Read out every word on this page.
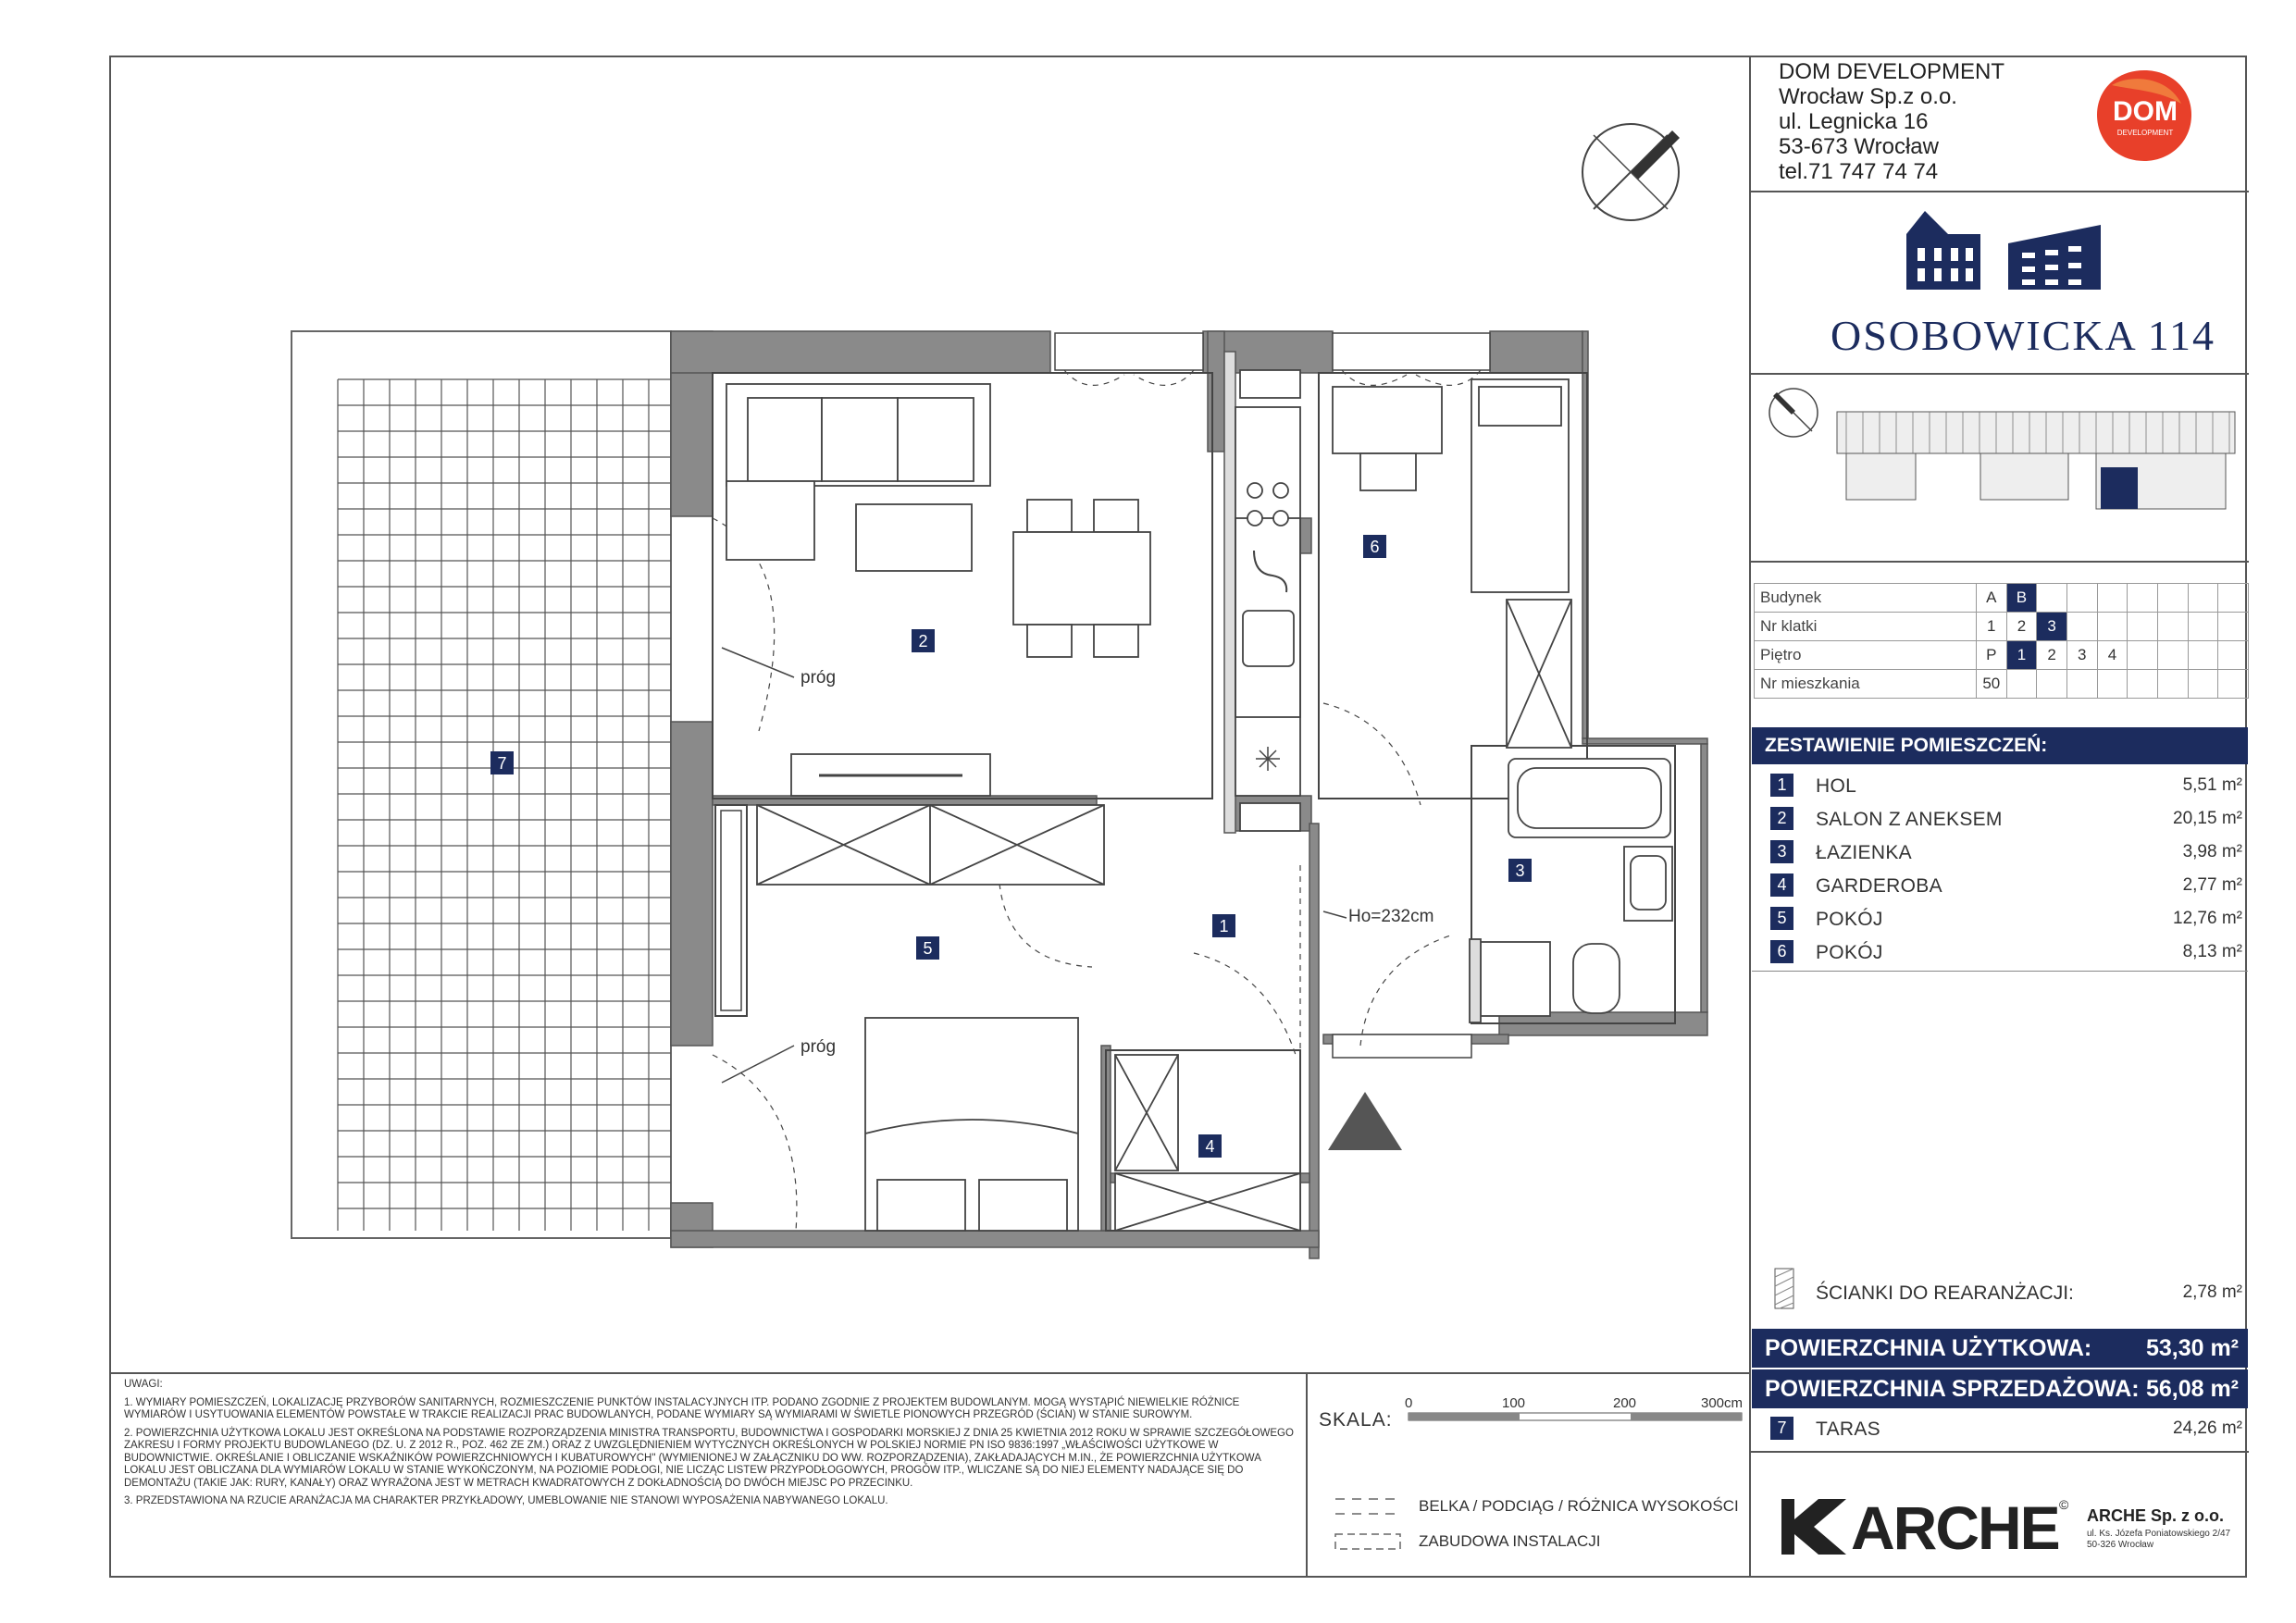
1
2
3
4
5
6
7
próg
próg
Ho=232cm
DOM DEVELOPMENT
Wrocław Sp.z o.o.
ul. Legnicka 16
53-673 Wrocław
tel.71 747 74 74
DOM
DEVELOPMENT
OSOBOWICKA 114
Budynek	A	B							
Nr klatki	1	2	3						
Piętro	P	1	2	3	4				
Nr mieszkania	50								
ZESTAWIENIE POMIESZCZEŃ:
1	HOL	5,51 m²
2	SALON Z ANEKSEM	20,15 m²
3	ŁAZIENKA	3,98 m²
4	GARDEROBA	2,77 m²
5	POKÓJ	12,76 m²
6	POKÓJ	8,13 m²
ŚCIANKI DO REARANŻACJI:	2,78 m²
POWIERZCHNIA UŻYTKOWA: 53,30 m²
POWIERZCHNIA SPRZEDAŻOWA: 56,08 m²
7	TARAS	24,26 m²

UWAGI:

1. WYMIARY POMIESZCZEŃ, LOKALIZACJĘ PRZYBORÓW SANITARNYCH, ROZMIESZCZENIE PUNKTÓW INSTALACYJNYCH ITP. PODANO ZGODNIE Z PROJEKTEM BUDOWLANYM. MOGĄ WYSTĄPIĆ NIEWIELKIE RÓŻNICE WYMIARÓW I USYTUOWANIA ELEMENTÓW POWSTAŁE W TRAKCIE REALIZACJI PRAC BUDOWLANYCH, PODANE WYMIARY SĄ WYMIARAMI W ŚWIETLE PIONOWYCH PRZEGRÓD (ŚCIAN) W STANIE SUROWYM.

2. POWIERZCHNIA UŻYTKOWA LOKALU JEST OKREŚLONA NA PODSTAWIE ROZPORZĄDZENIA MINISTRA TRANSPORTU, BUDOWNICTWA I GOSPODARKI MORSKIEJ Z DNIA 25 KWIETNIA 2012 ROKU W SPRAWIE SZCZEGÓŁOWEGO ZAKRESU I FORMY PROJEKTU BUDOWLANEGO (DZ. U. Z 2012 R., POZ. 462 ZE ZM.) ORAZ Z UWZGLĘDNIENIEM WYTYCZNYCH OKREŚLONYCH W POLSKIEJ NORMIE PN ISO 9836:1997 „WŁAŚCIWOŚCI UŻYTKOWE W BUDOWNICTWIE. OKREŚLANIE I OBLICZANIE WSKAŹNIKÓW POWIERZCHNIOWYCH I KUBATUROWYCH" (WYMIENIONEJ W ZAŁĄCZNIKU DO WW. ROZPORZĄDZENIA), ZAKŁADAJĄCYCH M.IN., ŻE POWIERZCHNIA UŻYTKOWA LOKALU JEST OBLICZANA DLA WYMIARÓW LOKALU W STANIE WYKOŃCZONYM, NA POZIOMIE PODŁOGI, NIE LICZĄC LISTEW PRZYPODŁOGOWYCH, PROGÓW ITP., WLICZANE SĄ DO NIEJ ELEMENTY NADAJĄCE SIĘ DO DEMONTAŻU (TAKIE JAK: RURY, KANAŁY) ORAZ WYRAŻONA JEST W METRACH KWADRATOWYCH Z DOKŁADNOŚCIĄ DO DWÓCH MIEJSC PO PRZECINKU.

3. PRZEDSTAWIONA NA RZUCIE ARANŻACJA MA CHARAKTER PRZYKŁADOWY, UMEBLOWANIE NIE STANOWI WYPOSAŻENIA NABYWANEGO LOKALU.

SKALA:
0	100	200	300cm
BELKA / PODCIĄG / RÓŻNICA WYSOKOŚCI
ZABUDOWA INSTALACJI	ARCHE ©
ARCHE Sp. z o.o.
ul. Ks. Józefa Poniatowskiego 2/47
50-326 Wrocław
